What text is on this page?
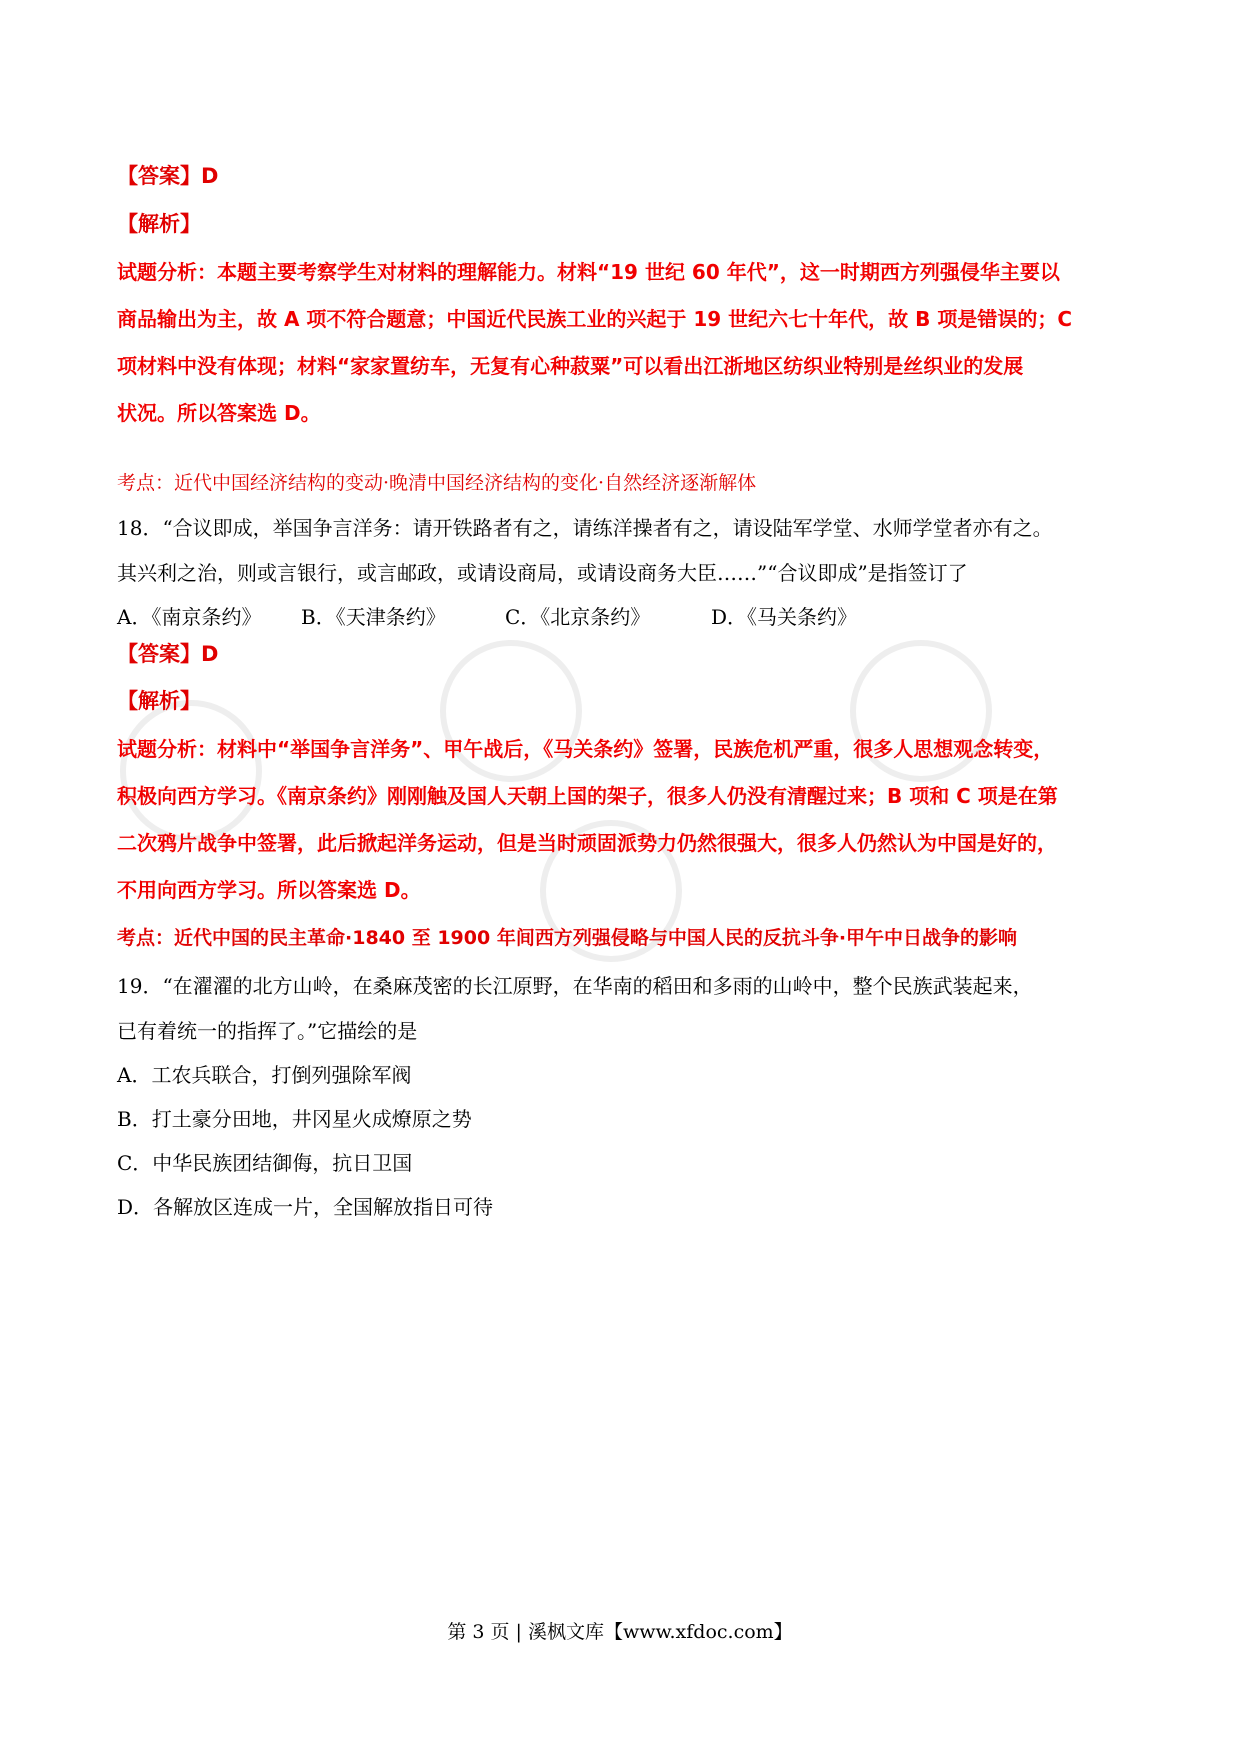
【答案】D
【解析】
试题分析：本题主要考察学生对材料的理解能力。材料“19 世纪 60 年代”，这一时期西方列强侵华主要以
商品输出为主，故 A 项不符合题意；中国近代民族工业的兴起于 19 世纪六七十年代，故 B 项是错误的；C
项材料中没有体现；材料“家家置纺车，无复有心种菽粟”可以看出江浙地区纺织业特别是丝织业的发展
状况。所以答案选 D。
考点：近代中国经济结构的变动·晚清中国经济结构的变化·自然经济逐渐解体
18．“合议即成，举国争言洋务：请开铁路者有之，请练洋操者有之，请设陆军学堂、水师学堂者亦有之。
其兴利之治，则或言银行，或言邮政，或请设商局，或请设商务大臣……”“合议即成”是指签订了
A．《南京条约》	B．《天津条约》	C．《北京条约》	D．《马关条约》
【答案】D
【解析】
试题分析：材料中“举国争言洋务”、甲午战后，《马关条约》签署，民族危机严重，很多人思想观念转变，
积极向西方学习。《南京条约》刚刚触及国人天朝上国的架子，很多人仍没有清醒过来；B 项和 C 项是在第
二次鸦片战争中签署，此后掀起洋务运动，但是当时顽固派势力仍然很强大，很多人仍然认为中国是好的，
不用向西方学习。所以答案选 D。
考点：近代中国的民主革命·1840 至 1900 年间西方列强侵略与中国人民的反抗斗争·甲午中日战争的影响
19．“在濯濯的北方山岭，在桑麻茂密的长江原野，在华南的稻田和多雨的山岭中，整个民族武装起来，
已有着统一的指挥了。”它描绘的是
A．工农兵联合，打倒列强除军阀
B．打土豪分田地，井冈星火成燎原之势
C．中华民族团结御侮，抗日卫国
D．各解放区连成一片，全国解放指日可待
第 3 页 | 溪枫文库【www.xfdoc.com】
